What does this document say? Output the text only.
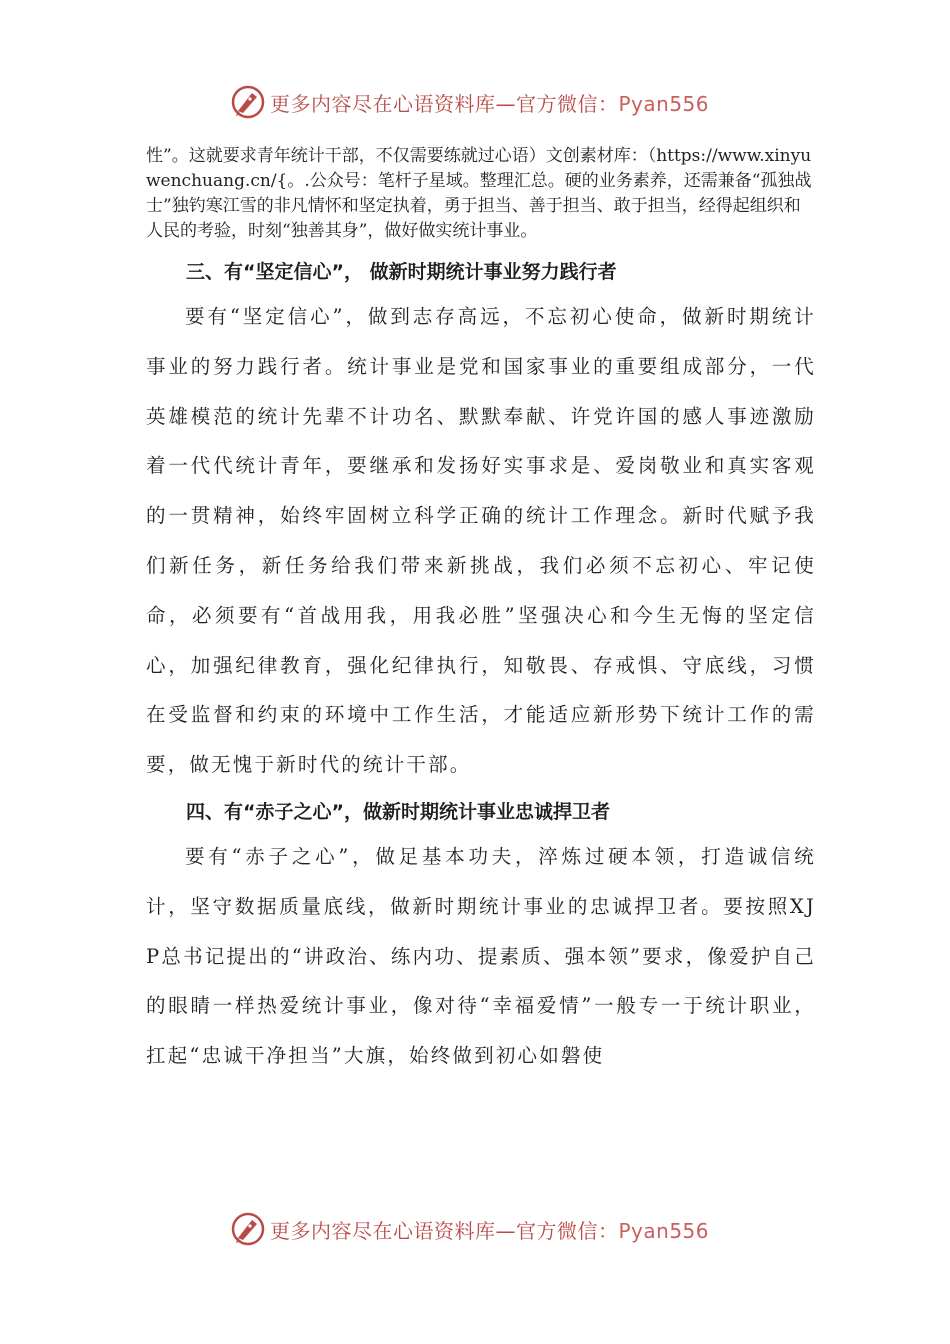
更多内容尽在心语资料库—官方微信：Pyan556

性”。这就要求青年统计干部，不仅需要练就过心语）文创素材库：（https://www.xinyuwenchuang.cn/{。.公众号：笔杆子星域。整理汇总。硬的业务素养，还需兼备“孤独战士”独钓寒江雪的非凡情怀和坚定执着，勇于担当、善于担当、敢于担当，经得起组织和人民的考验，时刻“独善其身”，做好做实统计事业。

三、有“坚定信心”， 做新时期统计事业努力践行者

要有“坚定信心”，做到志存高远，不忘初心使命，做新时期统计事业的努力践行者。统计事业是党和国家事业的重要组成部分，一代英雄模范的统计先辈不计功名、默默奉献、许党许国的感人事迹激励着一代代统计青年，要继承和发扬好实事求是、爱岗敬业和真实客观的一贯精神，始终牢固树立科学正确的统计工作理念。新时代赋予我们新任务，新任务给我们带来新挑战，我们必须不忘初心、牢记使命，必须要有“首战用我，用我必胜”坚强决心和今生无悔的坚定信心，加强纪律教育，强化纪律执行，知敬畏、存戒惧、守底线，习惯在受监督和约束的环境中工作生活，才能适应新形势下统计工作的需要，做无愧于新时代的统计干部。

四、有“赤子之心”，做新时期统计事业忠诚捍卫者

要有“赤子之心”，做足基本功夫，淬炼过硬本领，打造诚信统计，坚守数据质量底线，做新时期统计事业的忠诚捍卫者。要按照XJP总书记提出的“讲政治、练内功、提素质、强本领”要求，像爱护自己的眼睛一样热爱统计事业，像对待“幸福爱情”一般专一于统计职业，扛起“忠诚干净担当”大旗，始终做到初心如磐使

更多内容尽在心语资料库—官方微信：Pyan556
